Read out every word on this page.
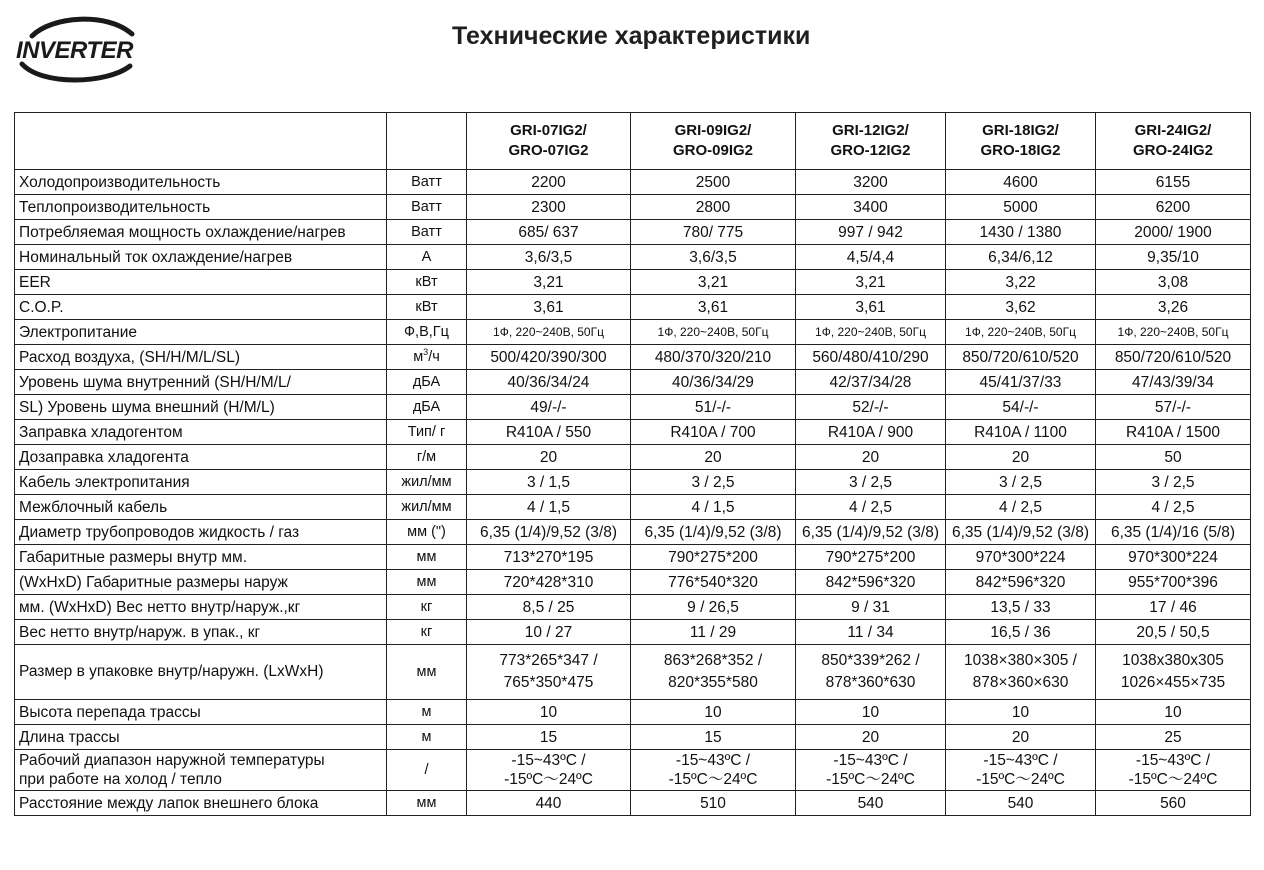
INVERTER
Технические характеристики
		GRI-07IG2/
GRO-07IG2	GRI-09IG2/
GRO-09IG2	GRI-12IG2/
GRO-12IG2	GRI-18IG2/
GRO-18IG2	GRI-24IG2/
GRO-24IG2
Холодопроизводительность	Ватт	2200	2500	3200	4600	6155
Теплопроизводительность	Ватт	2300	2800	3400	5000	6200
Потребляемая мощность охлаждение/нагрев	Ватт	685/ 637	780/ 775	997 / 942	1430 / 1380	2000/ 1900
Номинальный ток охлаждение/нагрев	А	3,6/3,5	3,6/3,5	4,5/4,4	6,34/6,12	9,35/10
EER	кВт	3,21	3,21	3,21	3,22	3,08
C.O.P.	кВт	3,61	3,61	3,61	3,62	3,26
Электропитание	Ф,В,Гц	1Ф, 220~240В, 50Гц	1Ф, 220~240В, 50Гц	1Ф, 220~240В, 50Гц	1Ф, 220~240В, 50Гц	1Ф, 220~240В, 50Гц
Расход воздуха, (SH/H/M/L/SL)	$м^3/ч$	500/420/390/300	480/370/320/210	560/480/410/290	850/720/610/520	850/720/610/520
Уровень шума внутренний (SH/H/M/L/	дБА	40/36/34/24	40/36/34/29	42/37/34/28	45/41/37/33	47/43/39/34
SL) Уровень шума внешний (H/M/L)	дБА	49/-/-	51/-/-	52/-/-	54/-/-	57/-/-
Заправка хладогентом	Тип/ г	R410A / 550	R410A / 700	R410A / 900	R410A / 1100	R410A / 1500
Дозаправка хладогента	г/м	20	20	20	20	50
Кабель электропитания	жил/мм	3 / 1,5	3 / 2,5	3 / 2,5	3 / 2,5	3 / 2,5
Межблочный кабель	жил/мм	4 / 1,5	4 / 1,5	4 / 2,5	4 / 2,5	4 / 2,5
Диаметр трубопроводов жидкость / газ	мм (")	6,35 (1/4)/9,52 (3/8)	6,35 (1/4)/9,52 (3/8)	6,35 (1/4)/9,52 (3/8)	6,35 (1/4)/9,52 (3/8)	6,35 (1/4)/16 (5/8)
Габаритные размеры внутр мм.	мм	713*270*195	790*275*200	790*275*200	970*300*224	970*300*224
(WxHxD) Габаритные размеры наруж	мм	720*428*310	776*540*320	842*596*320	842*596*320	955*700*396
мм. (WxHxD) Вес нетто внутр/наруж.,кг	кг	8,5 / 25	9 / 26,5	9 / 31	13,5 / 33	17 / 46
Вес нетто внутр/наруж. в упак., кг	кг	10 / 27	11 / 29	11 / 34	16,5 / 36	20,5 / 50,5
Размер в упаковке внутр/наружн. (LxWxH)	мм	773*265*347 /
765*350*475	863*268*352 /
820*355*580	850*339*262 /
878*360*630	1038×380×305 /
878×360×630	1038x380x305
1026×455×735
Высота перепада трассы	м	10	10	10	10	10
Длина трассы	м	15	15	20	20	25
Рабочий диапазон наружной температуры
при работе на холод / тепло	/	-15~43ºC /
-15ºC～24ºC	-15~43ºC /
-15ºC～24ºC	-15~43ºC /
-15ºC～24ºC	-15~43ºC /
-15ºC～24ºC	-15~43ºC /
-15ºC～24ºC
Расстояние между лапок внешнего блока	мм	440	510	540	540	560
